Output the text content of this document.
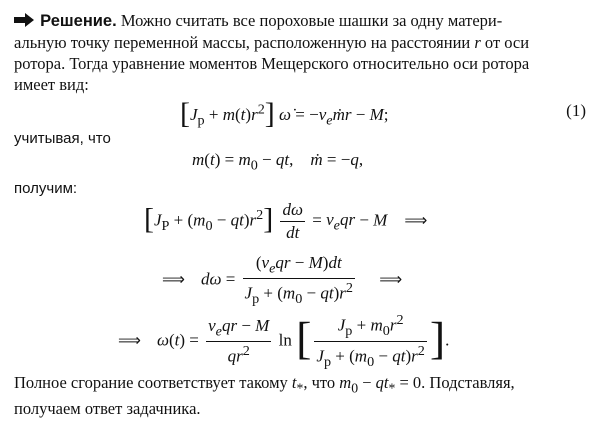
Решение. Можно считать все пороховые шашки за одну матери-
альную точку переменной массы, расположенную на расстоянии r от оси
ротора. Тогда уравнение моментов Мещерского относительно оси ротора
имеет вид:
$[J_р + m(t)r^2]$ ω̇ = $-v_eṁr - M$;	(1)
учитывая, что
$m(t) = m_0$ − qt,    ṁ = −q,
получим:
$[J_P + (m_0 - qt)r^2] \frac{d\omega}{dt} = v_eqr - M$ ⟹
⟹ $d\omega = \frac{(v_eqr - M)dt}{J_р + (m_0 - qt)r^2}$ ⟹
⟹ $\omega(t) = \frac{v_eqr - M}{qr^2}$ ln [ $\frac{J_р + m_0r^2}{J_р + (m_0 - qt)r^2}$ ].
Полное сгорание соответствует такому $t_*$, что $m_0 - qt_* = 0$. Подставляя,
получаем ответ задачника.
